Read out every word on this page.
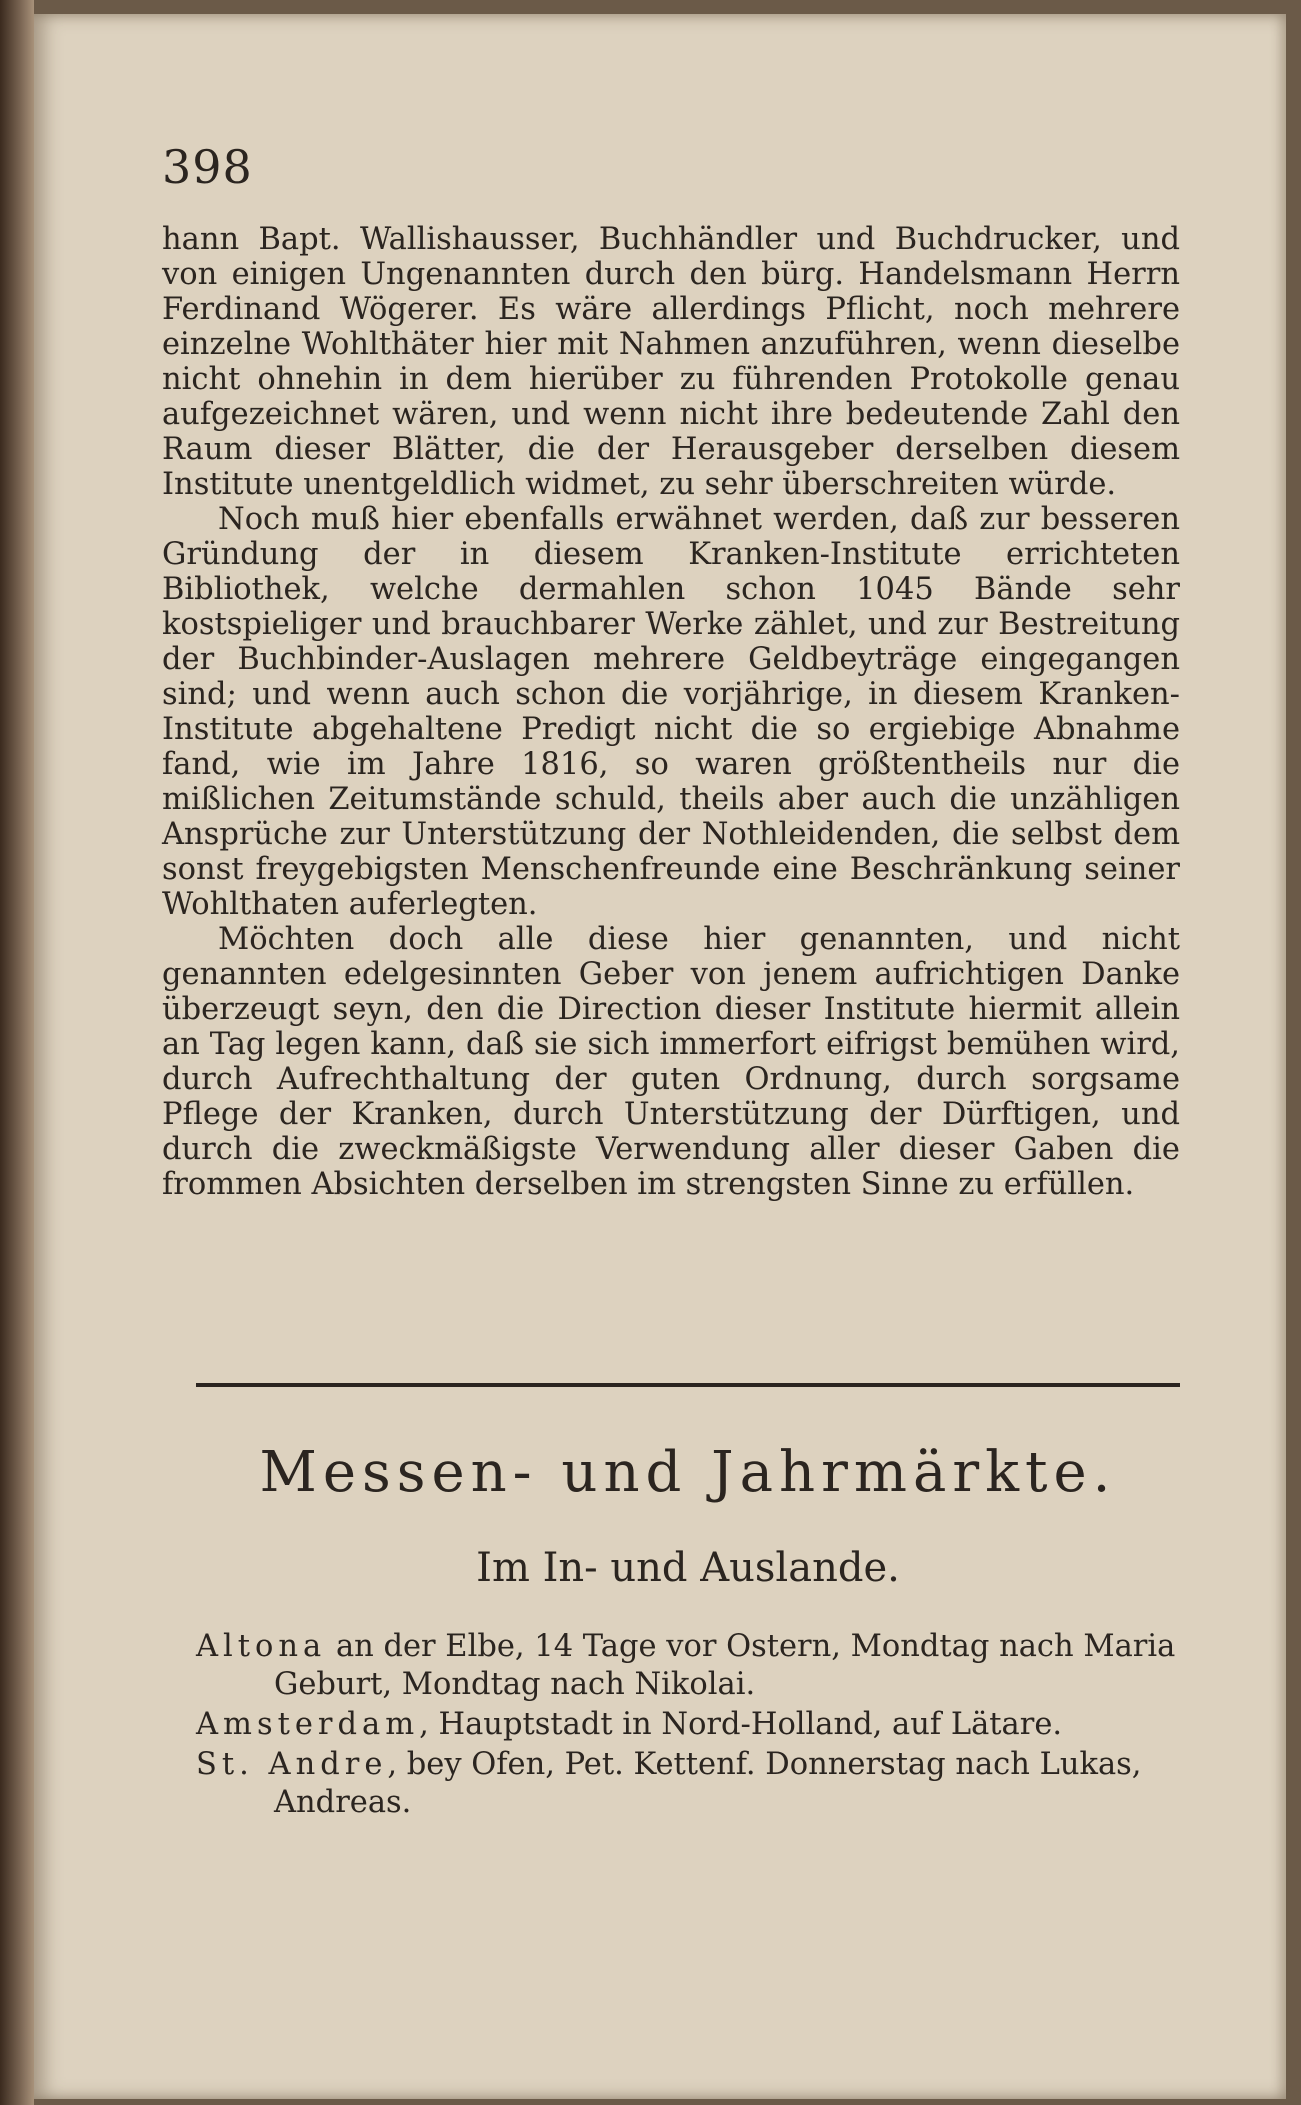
398

hann Bapt. Wallishausser, Buchhändler und Buchdrucker, und von einigen Ungenannten durch den bürg. Handelsmann Herrn Ferdinand Wögerer. Es wäre allerdings Pflicht, noch mehrere einzelne Wohlthäter hier mit Nahmen anzuführen, wenn dieselbe nicht ohnehin in dem hierüber zu führenden Protokolle genau aufgezeichnet wären, und wenn nicht ihre bedeutende Zahl den Raum dieser Blätter, die der Herausgeber derselben diesem Institute unentgeldlich widmet, zu sehr überschreiten würde.

Noch muß hier ebenfalls erwähnet werden, daß zur besseren Gründung der in diesem Kranken-Institute errichteten Bibliothek, welche dermahlen schon 1045 Bände sehr kostspieliger und brauchbarer Werke zählet, und zur Bestreitung der Buchbinder-Auslagen mehrere Geldbeyträge eingegangen sind; und wenn auch schon die vorjährige, in diesem Kranken-Institute abgehaltene Predigt nicht die so ergiebige Abnahme fand, wie im Jahre 1816, so waren größtentheils nur die mißlichen Zeitumstände schuld, theils aber auch die unzähligen Ansprüche zur Unterstützung der Nothleidenden, die selbst dem sonst freygebigsten Menschenfreunde eine Beschränkung seiner Wohlthaten auferlegten.

Möchten doch alle diese hier genannten, und nicht genannten edelgesinnten Geber von jenem aufrichtigen Danke überzeugt seyn, den die Direction dieser Institute hiermit allein an Tag legen kann, daß sie sich immerfort eifrigst bemühen wird, durch Aufrechthaltung der guten Ordnung, durch sorgsame Pflege der Kranken, durch Unterstützung der Dürftigen, und durch die zweckmäßigste Verwendung aller dieser Gaben die frommen Absichten derselben im strengsten Sinne zu erfüllen.

Messen- und Jahrmärkte.
Im In- und Auslande.

Altona an der Elbe, 14 Tage vor Ostern, Mondtag nach Maria Geburt, Mondtag nach Nikolai.

Amsterdam, Hauptstadt in Nord-Holland, auf Lätare.

St. Andre, bey Ofen, Pet. Kettenf. Donnerstag nach Lukas, Andreas.
